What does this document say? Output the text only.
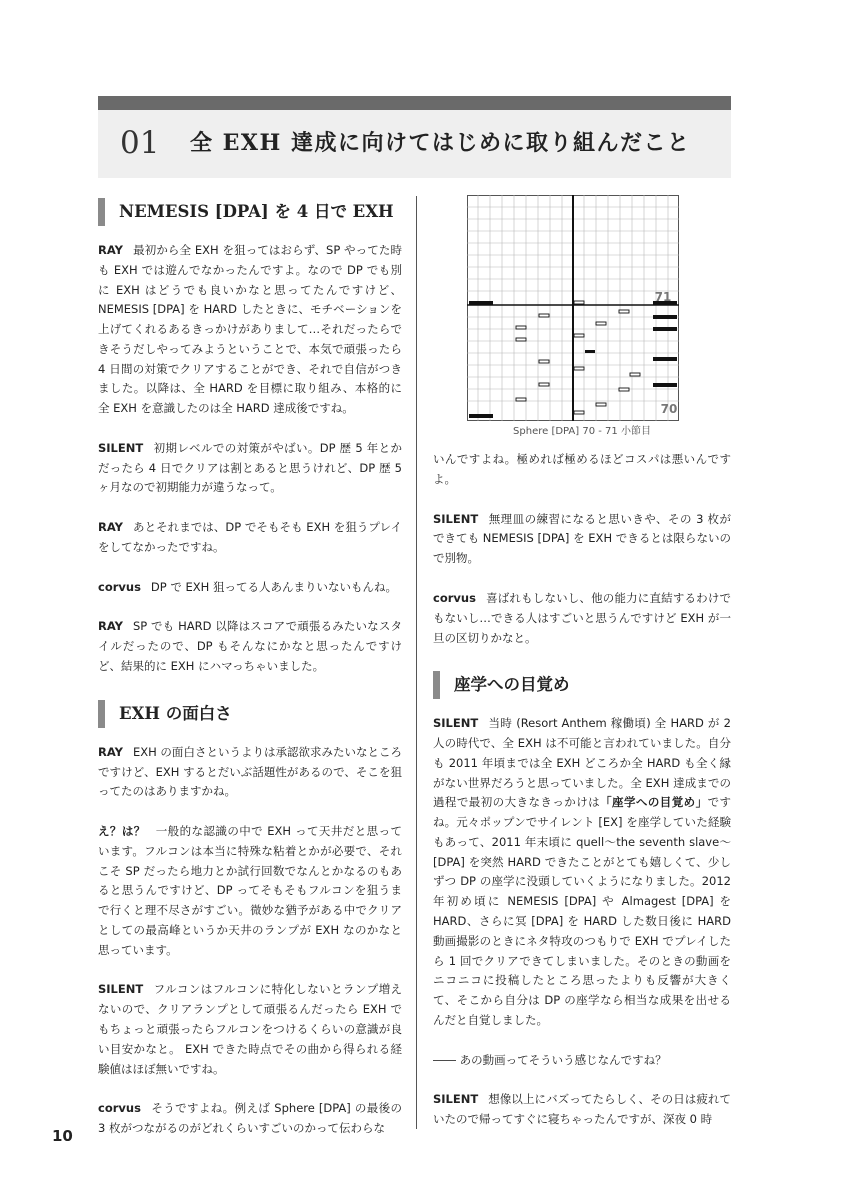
01	全 EXH 達成に向けてはじめに取り組んだこと
NEMESIS [DPA] を 4 日で EXH

RAY 最初から全 EXH を狙ってはおらず、SP やってた時も EXH では遊んでなかったんですよ。なので DP でも別に EXH はどうでも良いかなと思ってたんですけど、NEMESIS [DPA] を HARD したときに、モチベーションを上げてくれるあるきっかけがありまして…それだったらできそうだしやってみようということで、本気で頑張ったら 4 日間の対策でクリアすることができ、それで自信がつきました。以降は、全 HARD を目標に取り組み、本格的に全 EXH を意識したのは全 HARD 達成後ですね。

SILENT 初期レベルでの対策がやばい。DP 歴 5 年とかだったら 4 日でクリアは割とあると思うけれど、DP 歴 5 ヶ月なので初期能力が違うなって。

RAY あとそれまでは、DP でそもそも EXH を狙うプレイをしてなかったですね。

corvus DP で EXH 狙ってる人あんまりいないもんね。

RAY SP でも HARD 以降はスコアで頑張るみたいなスタイルだったので、DP もそんなにかなと思ったんですけど、結果的に EXH にハマっちゃいました。

EXH の面白さ

RAY EXH の面白さというよりは承認欲求みたいなところですけど、EXH するとだいぶ話題性があるので、そこを狙ってたのはありますかね。

え？は？ 一般的な認識の中で EXH って天井だと思っています。フルコンは本当に特殊な粘着とかが必要で、それこそ SP だったら地力とか試行回数でなんとかなるのもあると思うんですけど、DP ってそもそもフルコンを狙うまで行くと理不尽さがすごい。微妙な猶予がある中でクリアとしての最高峰というか天井のランプが EXH なのかなと思っています。

SILENT フルコンはフルコンに特化しないとランプ増えないので、クリアランプとして頑張るんだったら EXH でもちょっと頑張ったらフルコンをつけるくらいの意識が良い目安かなと。 EXH できた時点でその曲から得られる経験値はほぼ無いですね。

corvus そうですよね。例えば Sphere [DPA] の最後の 3 枚がつながるのがどれくらいすごいのかって伝わらな

71
70
Sphere [DPA] 70 - 71 小節目

いんですよね。極めれば極めるほどコスパは悪いんですよ。

SILENT 無理皿の練習になると思いきや、その 3 枚ができても NEMESIS [DPA] を EXH できるとは限らないので別物。

corvus 喜ばれもしないし、他の能力に直結するわけでもないし…できる人はすごいと思うんですけど EXH が一旦の区切りかなと。

座学への目覚め

SILENT 当時 (Resort Anthem 稼働頃) 全 HARD が 2 人の時代で、全 EXH は不可能と言われていました。自分も 2011 年頃までは全 EXH どころか全 HARD も全く縁がない世界だろうと思っていました。全 EXH 達成までの過程で最初の大きなきっかけは「座学への目覚め」ですね。元々ポップンでサイレント [EX] を座学していた経験もあって、2011 年末頃に quell〜the seventh slave〜 [DPA] を突然 HARD できたことがとても嬉しくて、少しずつ DP の座学に没頭していくようになりました。2012 年初め頃に NEMESIS [DPA] や Almagest [DPA] を HARD、さらに冥 [DPA] を HARD した数日後に HARD 動画撮影のときにネタ特攻のつもりで EXH でプレイしたら 1 回でクリアできてしまいました。そのときの動画をニコニコに投稿したところ思ったよりも反響が大きくて、そこから自分は DP の座学なら相当な成果を出せるんだと自覚しました。

―― あの動画ってそういう感じなんですね？

SILENT 想像以上にバズってたらしく、その日は疲れていたので帰ってすぐに寝ちゃったんですが、深夜 0 時

10
